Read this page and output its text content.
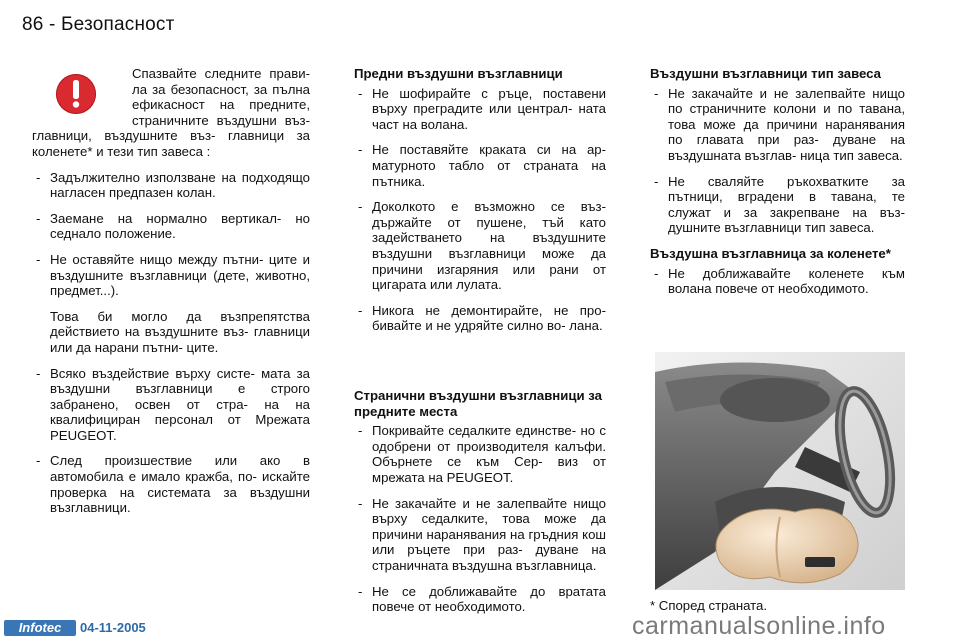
86 - Безопасност

Спазвайте следните прави- ла за безопасност, за пълна ефикасност на предните, страничните въздушни въз- главници, въздушните въз- главници за коленете* и тези тип завеса :

- Задължително използване на подходящо нагласен предпазен колан.
- Заемане на нормално вертикал- но седнало положение.
- Не оставяйте нищо между пътни- ците и въздушните възглавници (дете, животно, предмет...).
Това би могло да възпрепятства действието на въздушните въз- главници или да нарани пътни- ците.
- Всяко въздействие върху систе- мата за въздушни възглавници е строго забранено, освен от стра- на на квалифициран персонал от Мрежата PEUGEOT.
- След произшествие или ако в автомобила е имало кражба, по- искайте проверка на системата за въздушни възглавници.
Предни въздушни възглавници
- Не шофирайте с ръце, поставени върху преградите или централ- ната част на волана.
- Не поставяйте краката си на ар- матурното табло от страната на пътника.
- Доколкото е възможно се въз- държайте от пушене, тъй като задействането на въздушните въздушни възглавници може да причини изгаряния или рани от цигарата или лулата.
- Никога не демонтирайте, не про- бивайте и не удряйте силно во- лана.
Странични въздушни възглавници за предните места
- Покривайте седалките единстве- но с одобрени от производителя калъфи. Обърнете се към Сер- виз от мрежата на PEUGEOT.
- Не закачайте и не залепвайте нищо върху седалките, това може да причини наранявания на гръдния кош или ръцете при раз- дуване на страничната въздушна възглавница.
- Не се доближавайте до вратата повече от необходимото.
Въздушни възглавници тип завеса
- Не закачайте и не залепвайте нищо по страничните колони и по тавана, това може да причини наранявания по главата при раз- дуване на въздушната възглав- ница тип завеса.
- Не сваляйте ръкохватките за пътници, вградени в тавана, те служат и за закрепване на въз- душните възглавници тип завеса.
Въздушна възглавница за коленете*
- Не доближавайте коленете към волана повече от необходимото.
* Според страната.
Infotec	04-11-2005	carmanualsonline.info
